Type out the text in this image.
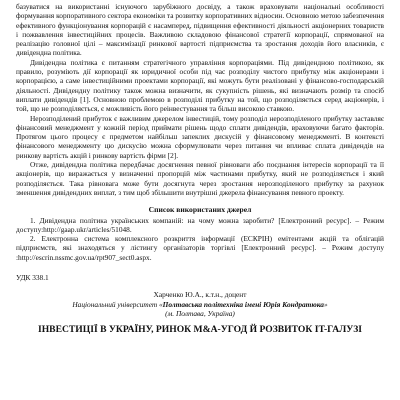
базуватися на використанні існуючого зарубіжного досвіду, а також враховувати національні особливості формування корпоративного сектора економіки та розвитку корпоративних відносин. Основною метою забезпечення ефективного функціонування корпорацій є насамперед, підвищення ефективності діяльності акціонерних товариств і пожвавлення інвестиційних процесів. Важливою складовою фінансової стратегії корпорації, спрямованої на реалізацію головної цілі – максимізації ринкової вартості підприємства та зростання доходів його власників, є дивідендна політика.

Дивідендна політика є питанням стратегічного управління корпораціями. Під дивідендною політикою, як правило, розуміють дії корпорації як юридичної особи під час розподілу чистого прибутку між акціонерами і корпорацією, а саме інвестиційними проектами корпорації, які можуть бути реалізовані у фінансово-господарській діяльності. Дивідендну політику також можна визначити, як сукупність рішень, які визначають розмір та спосіб виплати дивідендів [1]. Основною проблемою в розподілі прибутку на той, що розподіляється серед акціонерів, і той, що не розподіляється, є можливість його реінвестування та більш високою ставкою.

Нерозподілений прибуток є важливим джерелом інвестицій, тому розподіл нерозподіленого прибутку заставляє фінансовий менеджмент у кожній період приймати рішень щодо сплати дивідендів, враховуючи багато факторів. Протягом цього процесу є предметом найбільш запеклих дискусій у фінансовому менеджменті. В контексті фінансового менеджменту цю дискусію можна сформулювати через питання чи впливає сплата дивідендів на ринкову вартість акцій і ринкову вартість фірми [2].

Отже, дивідендна політика передбачає досягнення певної рівноваги або поєднання інтересів корпорації та її акціонерів, що виражається у визначенні пропорцій між частинами прибутку, який не розподіляється і який розподіляється. Така рівновага може бути досягнута через зростання нерозподіленого прибутку за рахунок зменшення дивідендних виплат, з тим щоб збільшити внутрішні джерела фінансування певного проекту.

Список використаних джерел

1. Дивідендна політика українських компаній: на чому можна заробити? [Електронний ресурс]. – Режим доступу:http://gaap.ukr/articles/51048.

2. Електронна система комплексного розкриття інформації (ЕСКРІН) емітентами акцій та облігацій підприємств, які знаходяться у лістингу організаторів торгівлі [Електронний ресурс]. – Режим доступу :http://escrin.nssmc.gov.ua/rpt907_sect0.aspx.

УДК 338.1
Харченко Ю.А., к.т.н., доцент
Національний університет «Полтавська політехніка імені Юрія Кондратюка»
(м. Полтава, Україна)
ІНВЕСТИЦІЇ В УКРАЇНУ, РИНОК M&A-УГОД Й РОЗВИТОК IT-ГАЛУЗІ
